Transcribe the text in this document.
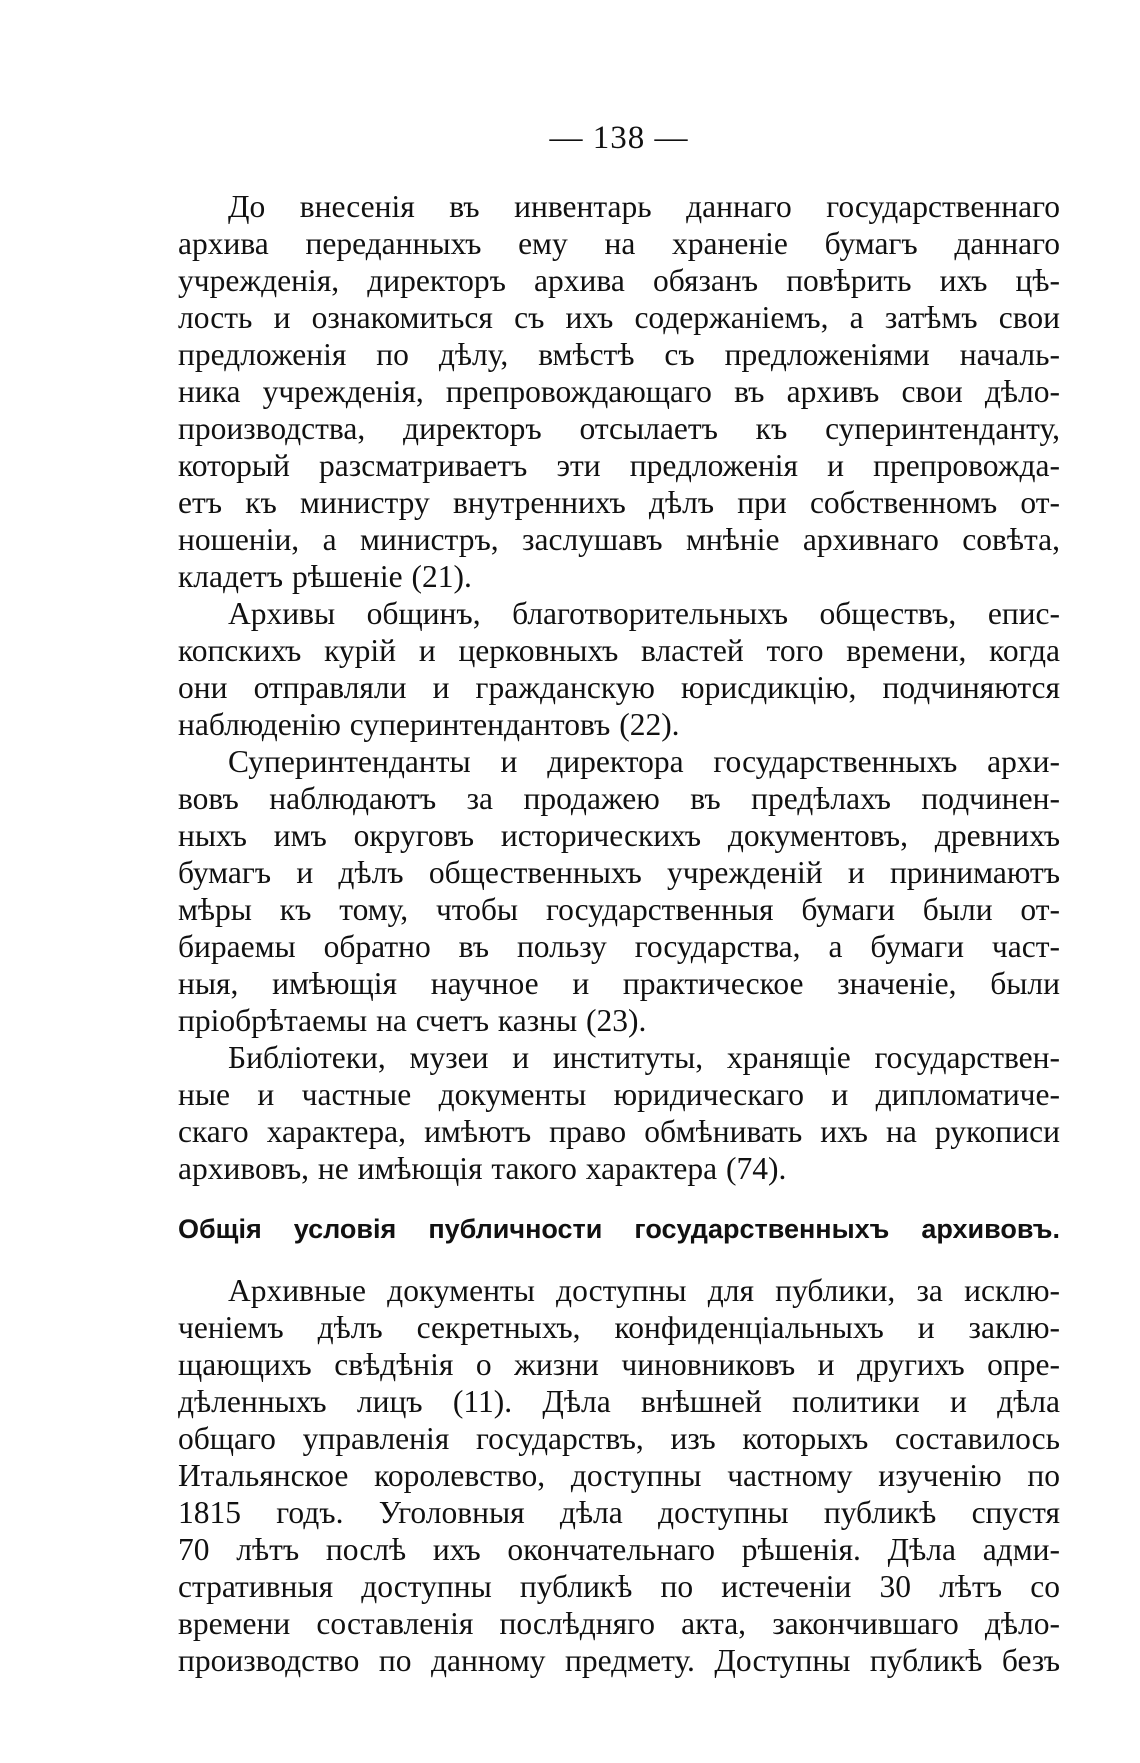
— 138 —
До внесенія въ инвентарь даннаго государственнаго
архива переданныхъ ему на храненіе бумагъ даннаго
учрежденія, директоръ архива обязанъ повѣрить ихъ цѣ-
лость и ознакомиться съ ихъ содержаніемъ, а затѣмъ свои
предложенія по дѣлу, вмѣстѣ съ предложеніями началь-
ника учрежденія, препровождающаго въ архивъ свои дѣло-
производства, директоръ отсылаетъ къ суперинтенданту,
который разсматриваетъ эти предложенія и препровожда-
етъ къ министру внутреннихъ дѣлъ при собственномъ от-
ношеніи, а министръ, заслушавъ мнѣніе архивнаго совѣта,
кладетъ рѣшеніе (21).
Архивы общинъ, благотворительныхъ обществъ, епис-
копскихъ курій и церковныхъ властей того времени, когда
они отправляли и гражданскую юрисдикцію, подчиняются
наблюденію суперинтендантовъ (22).
Суперинтенданты и директора государственныхъ архи-
вовъ наблюдаютъ за продажею въ предѣлахъ подчинен-
ныхъ имъ округовъ историческихъ документовъ, древнихъ
бумагъ и дѣлъ общественныхъ учрежденій и принимаютъ
мѣры къ тому, чтобы государственныя бумаги были от-
бираемы обратно въ пользу государства, а бумаги част-
ныя, имѣющія научное и практическое значеніе, были
пріобрѣтаемы на счетъ казны (23).
Библіотеки, музеи и институты, хранящіе государствен-
ные и частные документы юридическаго и дипломатиче-
скаго характера, имѣютъ право обмѣнивать ихъ на рукописи
архивовъ, не имѣющія такого характера (74).
Общія условія публичности государственныхъ архивовъ.
Архивные документы доступны для публики, за исклю-
ченіемъ дѣлъ секретныхъ, конфиденціальныхъ и заклю-
щающихъ свѣдѣнія о жизни чиновниковъ и другихъ опре-
дѣленныхъ лицъ (11). Дѣла внѣшней политики и дѣла
общаго управленія государствъ, изъ которыхъ составилось
Итальянское королевство, доступны частному изученію по
1815 годъ. Уголовныя дѣла доступны публикѣ спустя
70 лѣтъ послѣ ихъ окончательнаго рѣшенія. Дѣла адми-
стративныя доступны публикѣ по истеченіи 30 лѣтъ со
времени составленія послѣдняго акта, закончившаго дѣло-
производство по данному предмету. Доступны публикѣ безъ
